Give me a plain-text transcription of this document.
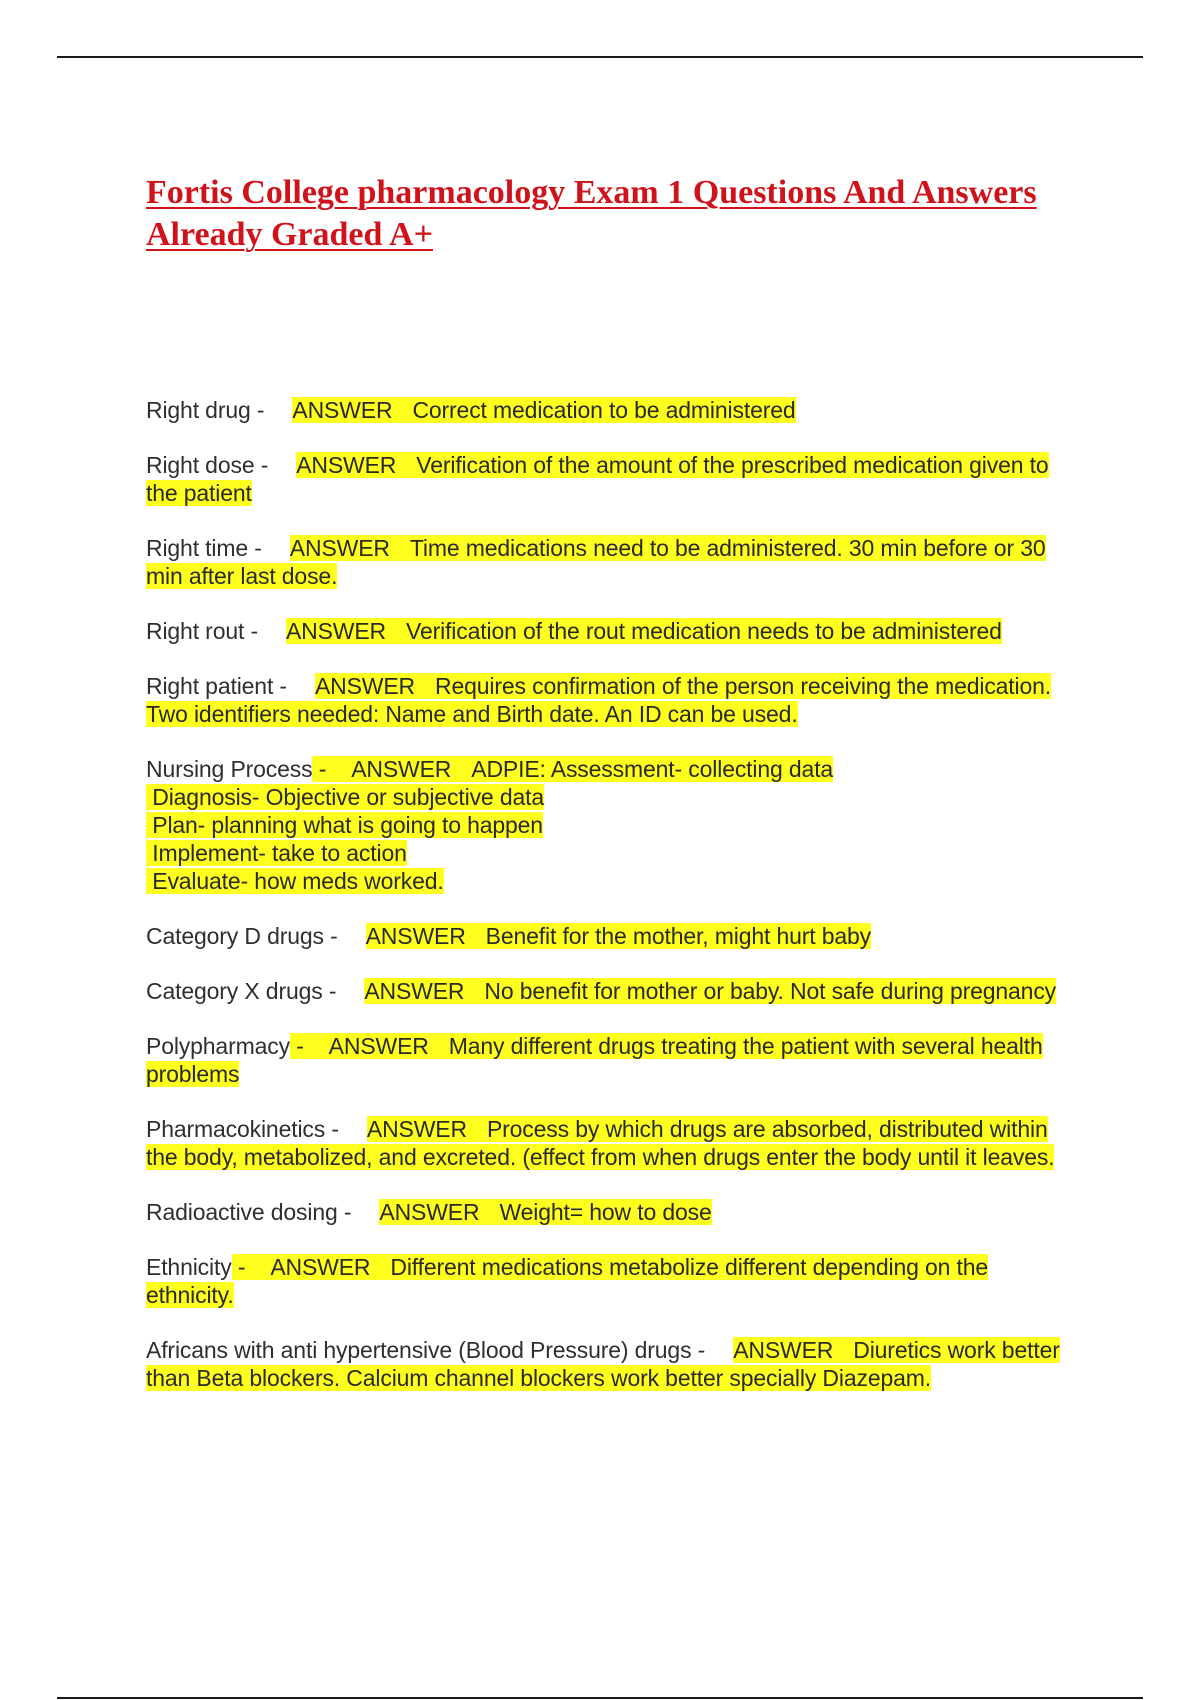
Fortis College pharmacology Exam 1 Questions And Answers Already Graded A+
Right drug - ANSWER Correct medication to be administered
Right dose - ANSWER Verification of the amount of the prescribed medication given to the patient
Right time - ANSWER Time medications need to be administered. 30 min before or 30 min after last dose.
Right rout - ANSWER Verification of the rout medication needs to be administered
Right patient - ANSWER Requires confirmation of the person receiving the medication. Two identifiers needed: Name and Birth date. An ID can be used.
Nursing Process - ANSWER ADPIE: Assessment- collecting data
Diagnosis- Objective or subjective data
Plan- planning what is going to happen
Implement- take to action
Evaluate- how meds worked.
Category D drugs - ANSWER Benefit for the mother, might hurt baby
Category X drugs - ANSWER No benefit for mother or baby. Not safe during pregnancy
Polypharmacy - ANSWER Many different drugs treating the patient with several health problems
Pharmacokinetics - ANSWER Process by which drugs are absorbed, distributed within the body, metabolized, and excreted. (effect from when drugs enter the body until it leaves.
Radioactive dosing - ANSWER Weight= how to dose
Ethnicity - ANSWER Different medications metabolize different depending on the ethnicity.
Africans with anti hypertensive (Blood Pressure) drugs - ANSWER Diuretics work better than Beta blockers. Calcium channel blockers work better specially Diazepam.
